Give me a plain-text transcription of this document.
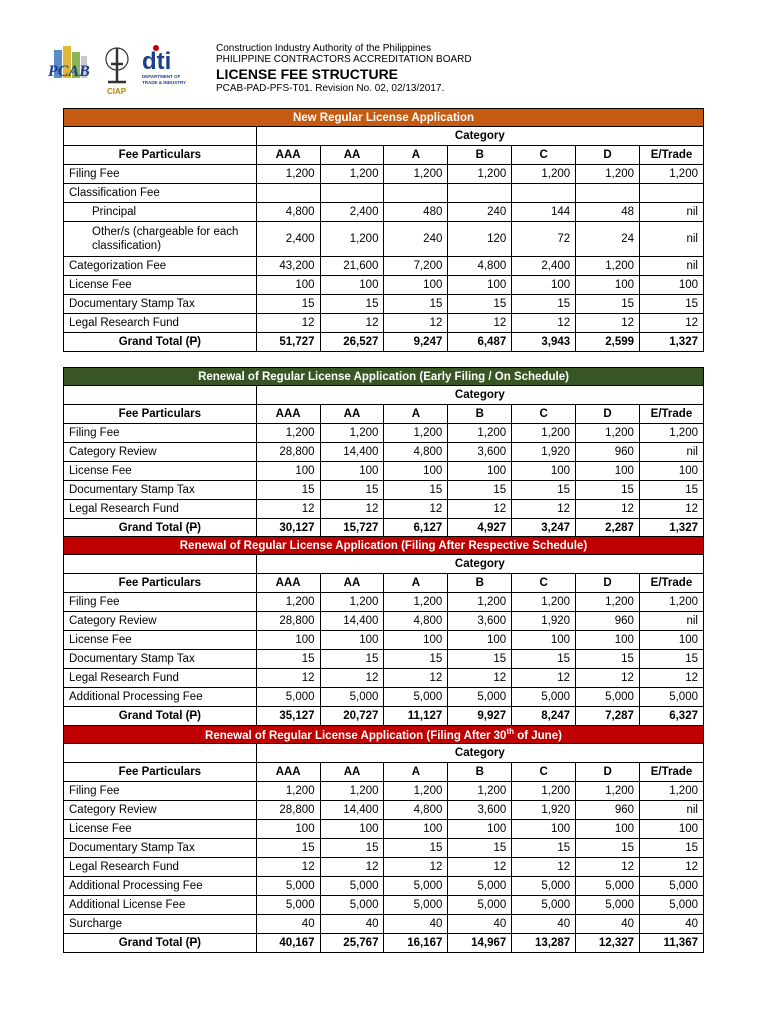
PCAB
CIAP
dti
DEPARTMENT OF
TRADE & INDUSTRY
Construction Industry Authority of the Philippines
PHILIPPINE CONTRACTORS ACCREDITATION BOARD
LICENSE FEE STRUCTURE
PCAB-PAD-PFS-T01. Revision No. 02, 02/13/2017.
New Regular License Application							
	Category						
Fee Particulars	AAA	AA	A	B	C	D	E/Trade
Filing Fee	1,200	1,200	1,200	1,200	1,200	1,200	1,200
Classification Fee							
Principal	4,800	2,400	480	240	144	48	nil
Other/s (chargeable for each classification)	2,400	1,200	240	120	72	24	nil
Categorization Fee	43,200	21,600	7,200	4,800	2,400	1,200	nil
License Fee	100	100	100	100	100	100	100
Documentary Stamp Tax	15	15	15	15	15	15	15
Legal Research Fund	12	12	12	12	12	12	12
Grand Total (P)	51,727	26,527	9,247	6,487	3,943	2,599	1,327
Renewal of Regular License Application (Early Filing / On Schedule)							
	Category						
Fee Particulars	AAA	AA	A	B	C	D	E/Trade
Filing Fee	1,200	1,200	1,200	1,200	1,200	1,200	1,200
Category Review	28,800	14,400	4,800	3,600	1,920	960	nil
License Fee	100	100	100	100	100	100	100
Documentary Stamp Tax	15	15	15	15	15	15	15
Legal Research Fund	12	12	12	12	12	12	12
Grand Total (P)	30,127	15,727	6,127	4,927	3,247	2,287	1,327
Renewal of Regular License Application (Filing After Respective Schedule)							
	Category						
Fee Particulars	AAA	AA	A	B	C	D	E/Trade
Filing Fee	1,200	1,200	1,200	1,200	1,200	1,200	1,200
Category Review	28,800	14,400	4,800	3,600	1,920	960	nil
License Fee	100	100	100	100	100	100	100
Documentary Stamp Tax	15	15	15	15	15	15	15
Legal Research Fund	12	12	12	12	12	12	12
Additional Processing Fee	5,000	5,000	5,000	5,000	5,000	5,000	5,000
Grand Total (P)	35,127	20,727	11,127	9,927	8,247	7,287	6,327
Renewal of Regular License Application (Filing After 30th of June)							
	Category						
Fee Particulars	AAA	AA	A	B	C	D	E/Trade
Filing Fee	1,200	1,200	1,200	1,200	1,200	1,200	1,200
Category Review	28,800	14,400	4,800	3,600	1,920	960	nil
License Fee	100	100	100	100	100	100	100
Documentary Stamp Tax	15	15	15	15	15	15	15
Legal Research Fund	12	12	12	12	12	12	12
Additional Processing Fee	5,000	5,000	5,000	5,000	5,000	5,000	5,000
Additional License Fee	5,000	5,000	5,000	5,000	5,000	5,000	5,000
Surcharge	40	40	40	40	40	40	40
Grand Total (P)	40,167	25,767	16,167	14,967	13,287	12,327	11,367
